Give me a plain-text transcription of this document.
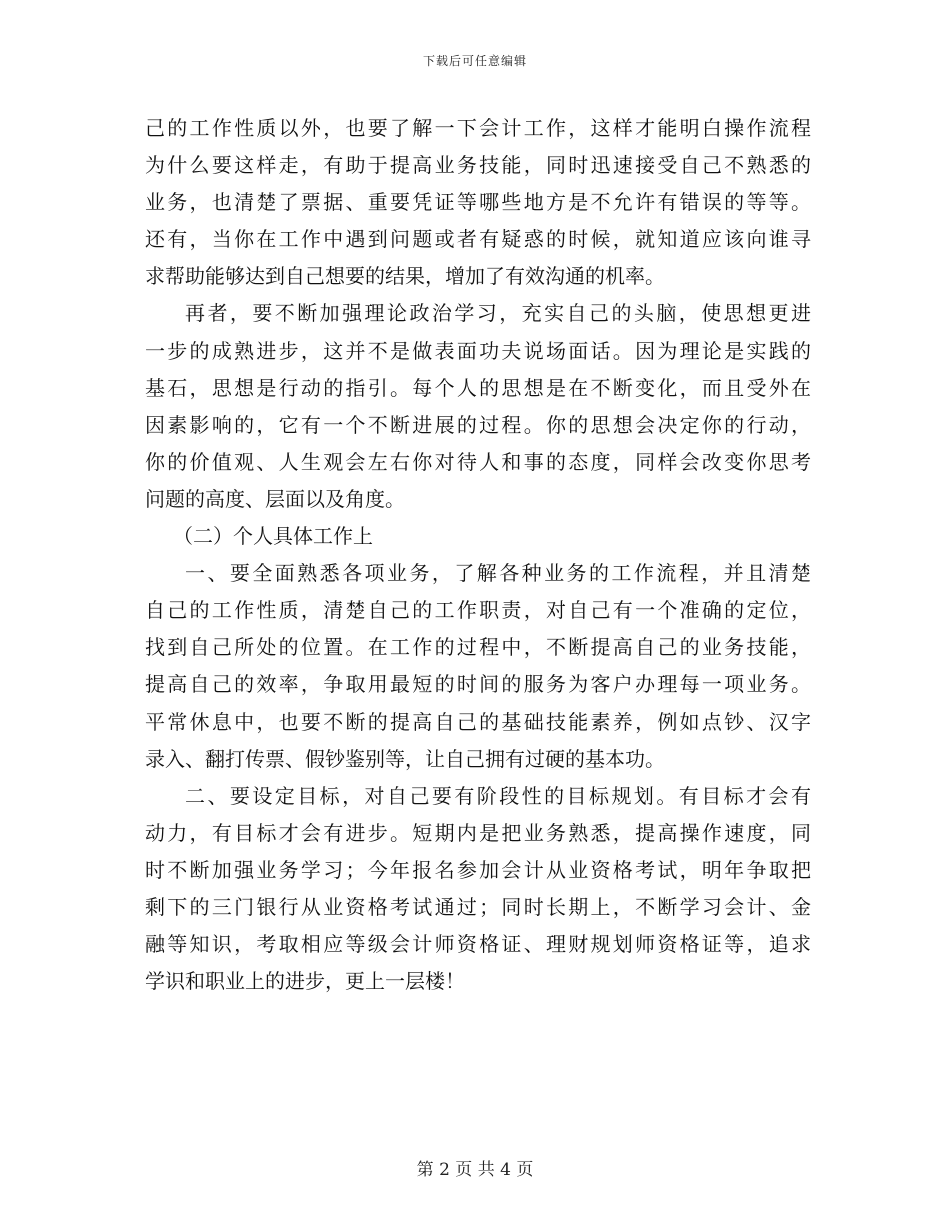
下载后可任意编辑
己的工作性质以外，也要了解一下会计工作，这样才能明白操作流程
为什么要这样走，有助于提高业务技能，同时迅速接受自己不熟悉的
业务，也清楚了票据、重要凭证等哪些地方是不允许有错误的等等。
还有，当你在工作中遇到问题或者有疑惑的时候，就知道应该向谁寻
求帮助能够达到自己想要的结果，增加了有效沟通的机率。
再者，要不断加强理论政治学习，充实自己的头脑，使思想更进
一步的成熟进步，这并不是做表面功夫说场面话。因为理论是实践的
基石，思想是行动的指引。每个人的思想是在不断变化，而且受外在
因素影响的，它有一个不断进展的过程。你的思想会决定你的行动，
你的价值观、人生观会左右你对待人和事的态度，同样会改变你思考
问题的高度、层面以及角度。
（二）个人具体工作上
一、要全面熟悉各项业务，了解各种业务的工作流程，并且清楚
自己的工作性质，清楚自己的工作职责，对自己有一个准确的定位，
找到自己所处的位置。在工作的过程中，不断提高自己的业务技能，
提高自己的效率，争取用最短的时间的服务为客户办理每一项业务。
平常休息中，也要不断的提高自己的基础技能素养，例如点钞、汉字
录入、翻打传票、假钞鉴别等，让自己拥有过硬的基本功。
二、要设定目标，对自己要有阶段性的目标规划。有目标才会有
动力，有目标才会有进步。短期内是把业务熟悉，提高操作速度，同
时不断加强业务学习；今年报名参加会计从业资格考试，明年争取把
剩下的三门银行从业资格考试通过；同时长期上，不断学习会计、金
融等知识，考取相应等级会计师资格证、理财规划师资格证等，追求
学识和职业上的进步，更上一层楼！
第 2 页 共 4 页
